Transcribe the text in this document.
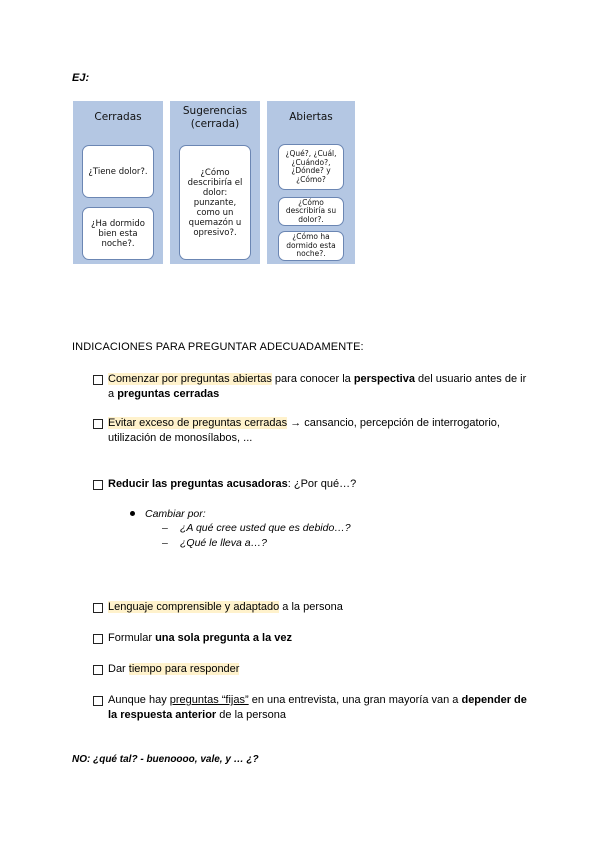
EJ:
Cerradas
¿Tiene dolor?.
¿Ha dormido bien esta noche?.
Sugerencias
(cerrada)
¿Cómo describiría el dolor: punzante, como un quemazón u opresivo?.
Abiertas
¿Qué?, ¿Cuál, ¿Cuándo?, ¿Dónde? y ¿Cómo?
¿Cómo describiría su dolor?.
¿Cómo ha dormido esta noche?.
INDICACIONES PARA PREGUNTAR ADECUADAMENTE:
Comenzar por preguntas abiertas para conocer la perspectiva del usuario antes de ir a preguntas cerradas
Evitar exceso de preguntas cerradas → cansancio, percepción de interrogatorio, utilización de monosílabos, ...
Reducir las preguntas acusadoras: ¿Por qué…?
Cambiar por:
– ¿A qué cree usted que es debido…?
– ¿Qué le lleva a…?
Lenguaje comprensible y adaptado a la persona
Formular una sola pregunta a la vez
Dar tiempo para responder
Aunque hay preguntas “fijas” en una entrevista, una gran mayoría van a depender de la respuesta anterior de la persona
NO: ¿qué tal? - buenoooo, vale, y … ¿?
